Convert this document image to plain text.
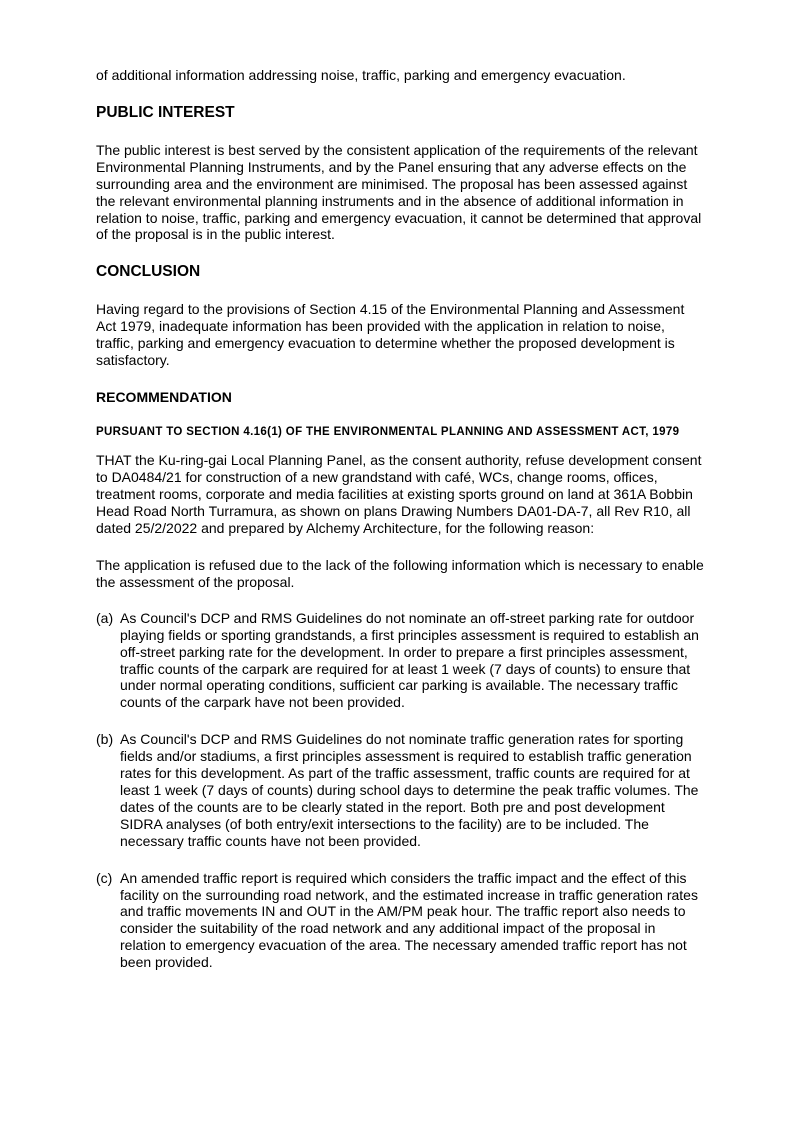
of additional information addressing noise, traffic, parking and emergency evacuation.

PUBLIC INTEREST

The public interest is best served by the consistent application of the requirements of the relevant Environmental Planning Instruments, and by the Panel ensuring that any adverse effects on the surrounding area and the environment are minimised. The proposal has been assessed against the relevant environmental planning instruments and in the absence of additional information in relation to noise, traffic, parking and emergency evacuation, it cannot be determined that approval of the proposal is in the public interest.

CONCLUSION

Having regard to the provisions of Section 4.15 of the Environmental Planning and Assessment Act 1979, inadequate information has been provided with the application in relation to noise, traffic, parking and emergency evacuation to determine whether the proposed development is satisfactory.

RECOMMENDATION
PURSUANT TO SECTION 4.16(1) OF THE ENVIRONMENTAL PLANNING AND ASSESSMENT ACT, 1979

THAT the Ku-ring-gai Local Planning Panel, as the consent authority, refuse development consent to DA0484/21 for construction of a new grandstand with café, WCs, change rooms, offices, treatment rooms, corporate and media facilities at existing sports ground on land at 361A Bobbin Head Road North Turramura, as shown on plans Drawing Numbers DA01-DA-7, all Rev R10, all dated 25/2/2022 and prepared by Alchemy Architecture, for the following reason:

The application is refused due to the lack of the following information which is necessary to enable the assessment of the proposal.

(a) As Council's DCP and RMS Guidelines do not nominate an off-street parking rate for outdoor playing fields or sporting grandstands, a first principles assessment is required to establish an off-street parking rate for the development. In order to prepare a first principles assessment, traffic counts of the carpark are required for at least 1 week (7 days of counts) to ensure that under normal operating conditions, sufficient car parking is available. The necessary traffic counts of the carpark have not been provided.
(b) As Council's DCP and RMS Guidelines do not nominate traffic generation rates for sporting fields and/or stadiums, a first principles assessment is required to establish traffic generation rates for this development. As part of the traffic assessment, traffic counts are required for at least 1 week (7 days of counts) during school days to determine the peak traffic volumes. The dates of the counts are to be clearly stated in the report. Both pre and post development SIDRA analyses (of both entry/exit intersections to the facility) are to be included. The necessary traffic counts have not been provided.
(c) An amended traffic report is required which considers the traffic impact and the effect of this facility on the surrounding road network, and the estimated increase in traffic generation rates and traffic movements IN and OUT in the AM/PM peak hour. The traffic report also needs to consider the suitability of the road network and any additional impact of the proposal in relation to emergency evacuation of the area. The necessary amended traffic report has not been provided.
